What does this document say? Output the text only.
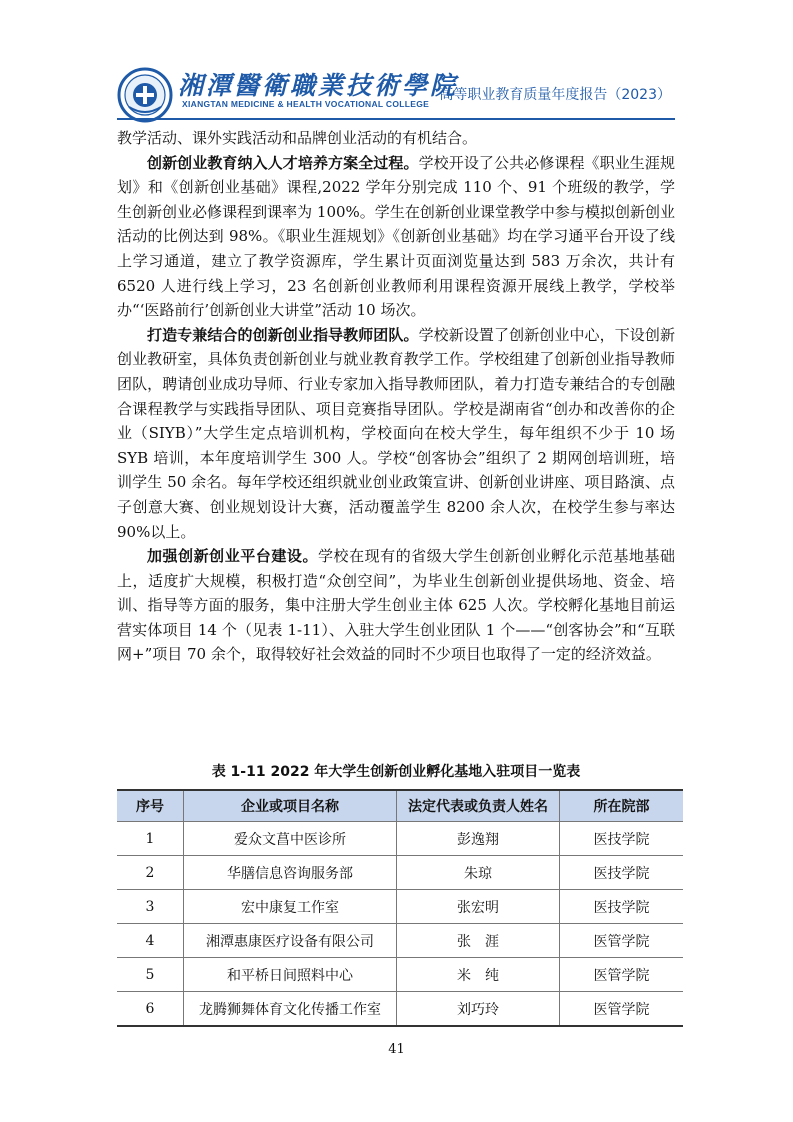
湘潭醫衛職業技術學院
XIANGTAN MEDICINE & HEALTH VOCATIONAL COLLEGE
高等职业教育质量年度报告（2023）

教学活动、课外实践活动和品牌创业活动的有机结合。

创新创业教育纳入人才培养方案全过程。学校开设了公共必修课程《职业生涯规划》和《创新创业基础》课程,2022 学年分别完成 110 个、91 个班级的教学，学生创新创业必修课程到课率为 100%。学生在创新创业课堂教学中参与模拟创新创业活动的比例达到 98%。《职业生涯规划》《创新创业基础》均在学习通平台开设了线上学习通道，建立了教学资源库，学生累计页面浏览量达到 583 万余次，共计有 6520 人进行线上学习，23 名创新创业教师利用课程资源开展线上教学，学校举办“‘医路前行’创新创业大讲堂”活动 10 场次。

打造专兼结合的创新创业指导教师团队。学校新设置了创新创业中心，下设创新创业教研室，具体负责创新创业与就业教育教学工作。学校组建了创新创业指导教师团队，聘请创业成功导师、行业专家加入指导教师团队，着力打造专兼结合的专创融合课程教学与实践指导团队、项目竞赛指导团队。学校是湖南省“创办和改善你的企业（SIYB）”大学生定点培训机构，学校面向在校大学生，每年组织不少于 10 场 SYB 培训，本年度培训学生 300 人。学校“创客协会”组织了 2 期网创培训班，培训学生 50 余名。每年学校还组织就业创业政策宣讲、创新创业讲座、项目路演、点子创意大赛、创业规划设计大赛，活动覆盖学生 8200 余人次，在校学生参与率达 90%以上。

加强创新创业平台建设。学校在现有的省级大学生创新创业孵化示范基地基础上，适度扩大规模，积极打造“众创空间”，为毕业生创新创业提供场地、资金、培训、指导等方面的服务，集中注册大学生创业主体 625 人次。学校孵化基地目前运营实体项目 14 个（见表 1-11）、入驻大学生创业团队 1 个——“创客协会”和“互联网+”项目 70 余个，取得较好社会效益的同时不少项目也取得了一定的经济效益。

表 1-11 2022 年大学生创新创业孵化基地入驻项目一览表
序号	企业或项目名称	法定代表或负责人姓名	所在院部
1	爱众文菖中医诊所	彭逸翔	医技学院
2	华膳信息咨询服务部	朱琼	医技学院
3	宏中康复工作室	张宏明	医技学院
4	湘潭惠康医疗设备有限公司	张　涯	医管学院
5	和平桥日间照料中心	米　纯	医管学院
6	龙腾狮舞体育文化传播工作室	刘巧玲	医管学院
41
